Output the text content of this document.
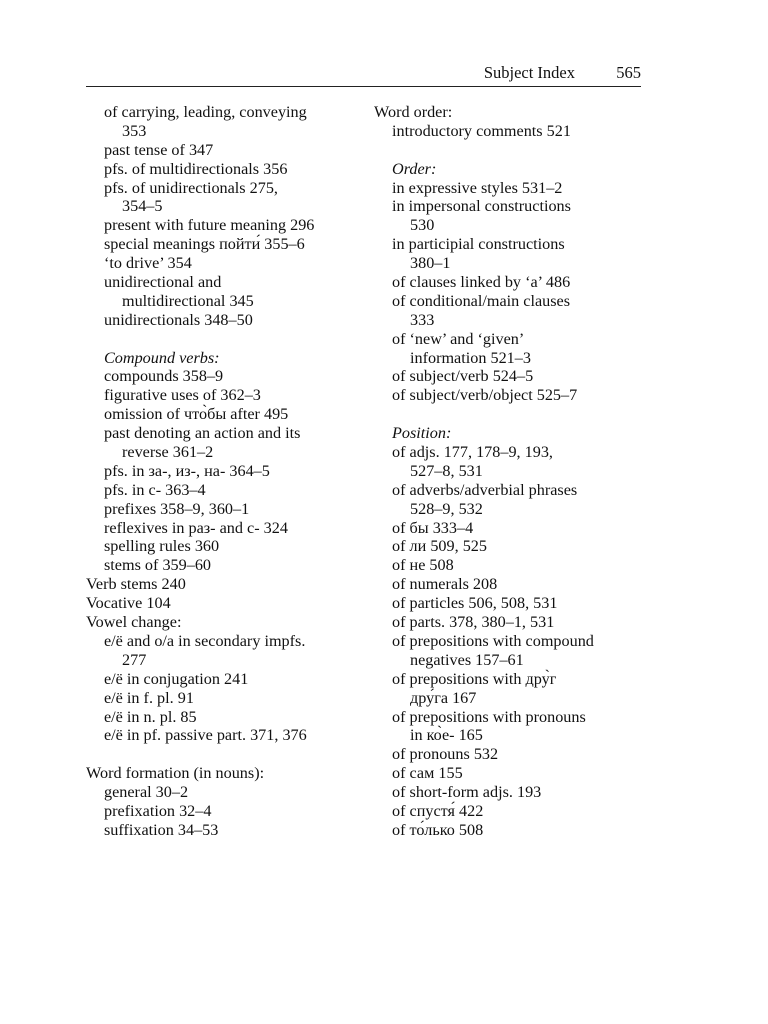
Subject Index	565
of carrying, leading, conveying
353
past tense of 347
pfs. of multidirectionals 356
pfs. of unidirectionals 275,
354–5
present with future meaning 296
special meanings пойти́ 355–6
‘to drive’ 354
unidirectional and
multidirectional 345
unidirectionals 348–50
Compound verbs:
compounds 358–9
figurative uses of 362–3
omission of что̀бы after 495
past denoting an action and its
reverse 361–2
pfs. in за-, из-, на- 364–5
pfs. in с- 363–4
prefixes 358–9, 360–1
reflexives in раз- and с- 324
spelling rules 360
stems of 359–60
Verb stems 240
Vocative 104
Vowel change:
e/ё and o/a in secondary impfs.
277
e/ё in conjugation 241
e/ё in f. pl. 91
e/ё in n. pl. 85
e/ё in pf. passive part. 371, 376
Word formation (in nouns):
general 30–2
prefixation 32–4
suffixation 34–53
Word order:
introductory comments 521
Order:
in expressive styles 531–2
in impersonal constructions
530
in participial constructions
380–1
of clauses linked by ‘а’ 486
of conditional/main clauses
333
of ‘new’ and ‘given’
information 521–3
of subject/verb 524–5
of subject/verb/object 525–7
Position:
of adjs. 177, 178–9, 193,
527–8, 531
of adverbs/adverbial phrases
528–9, 532
of бы 333–4
of ли 509, 525
of не 508
of numerals 208
of particles 506, 508, 531
of parts. 378, 380–1, 531
of prepositions with compound
negatives 157–61
of prepositions with дру̀г
дру́га 167
of prepositions with pronouns
in ко̀е- 165
of pronouns 532
of сам 155
of short-form adjs. 193
of спустя́ 422
of то́лько 508
